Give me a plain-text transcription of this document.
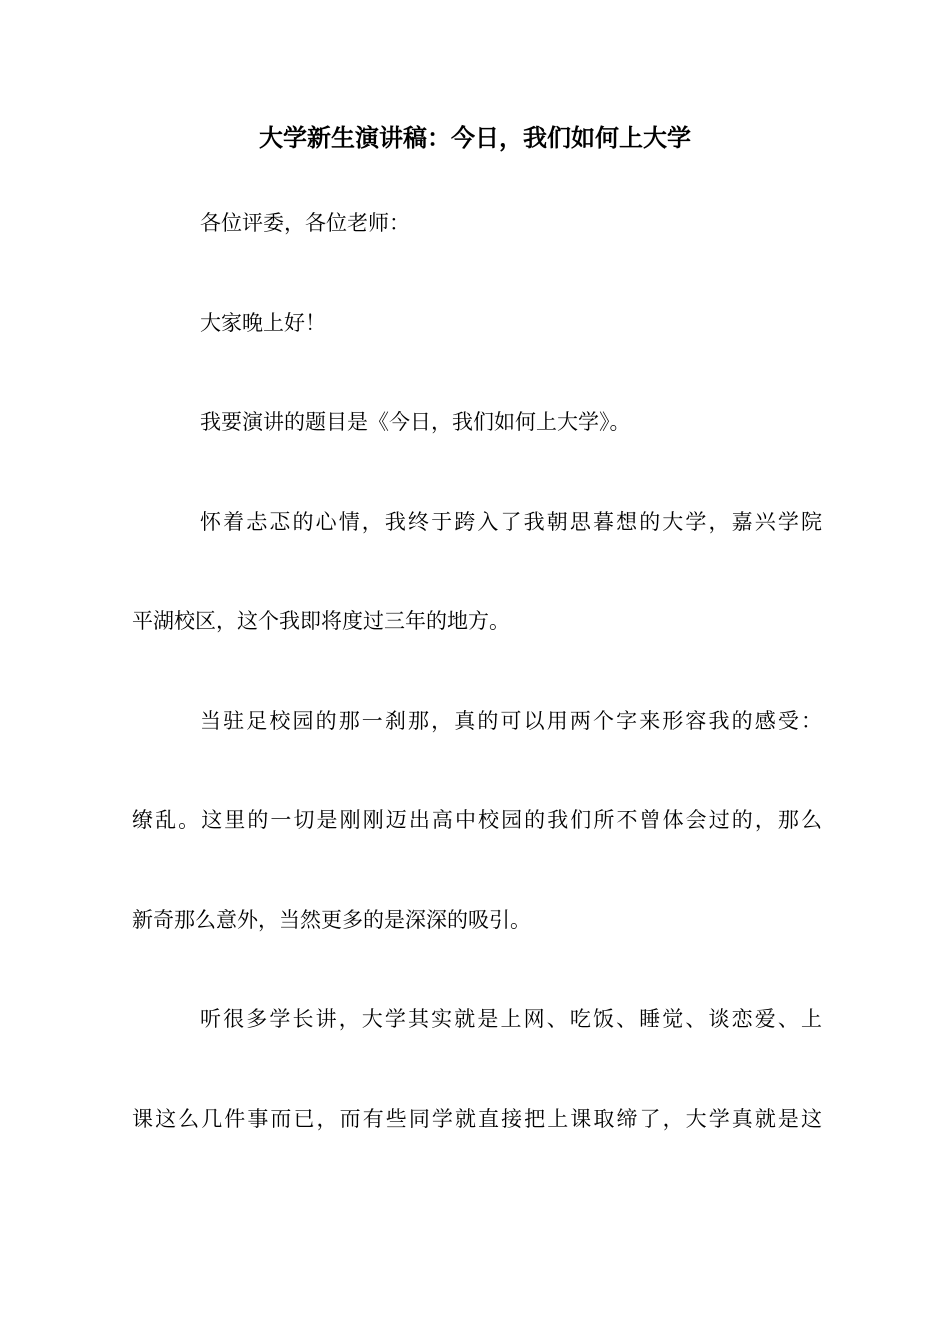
大学新生演讲稿：今日，我们如何上大学

各位评委，各位老师：

大家晚上好！

我要演讲的题目是《今日，我们如何上大学》。

怀着忐忑的心情，我终于跨入了我朝思暮想的大学，嘉兴学院

平湖校区，这个我即将度过三年的地方。

当驻足校园的那一刹那，真的可以用两个字来形容我的感受：

缭乱。这里的一切是刚刚迈出高中校园的我们所不曾体会过的，那么

新奇那么意外，当然更多的是深深的吸引。

听很多学长讲，大学其实就是上网、吃饭、睡觉、谈恋爱、上

课这么几件事而已，而有些同学就直接把上课取缔了，大学真就是这
